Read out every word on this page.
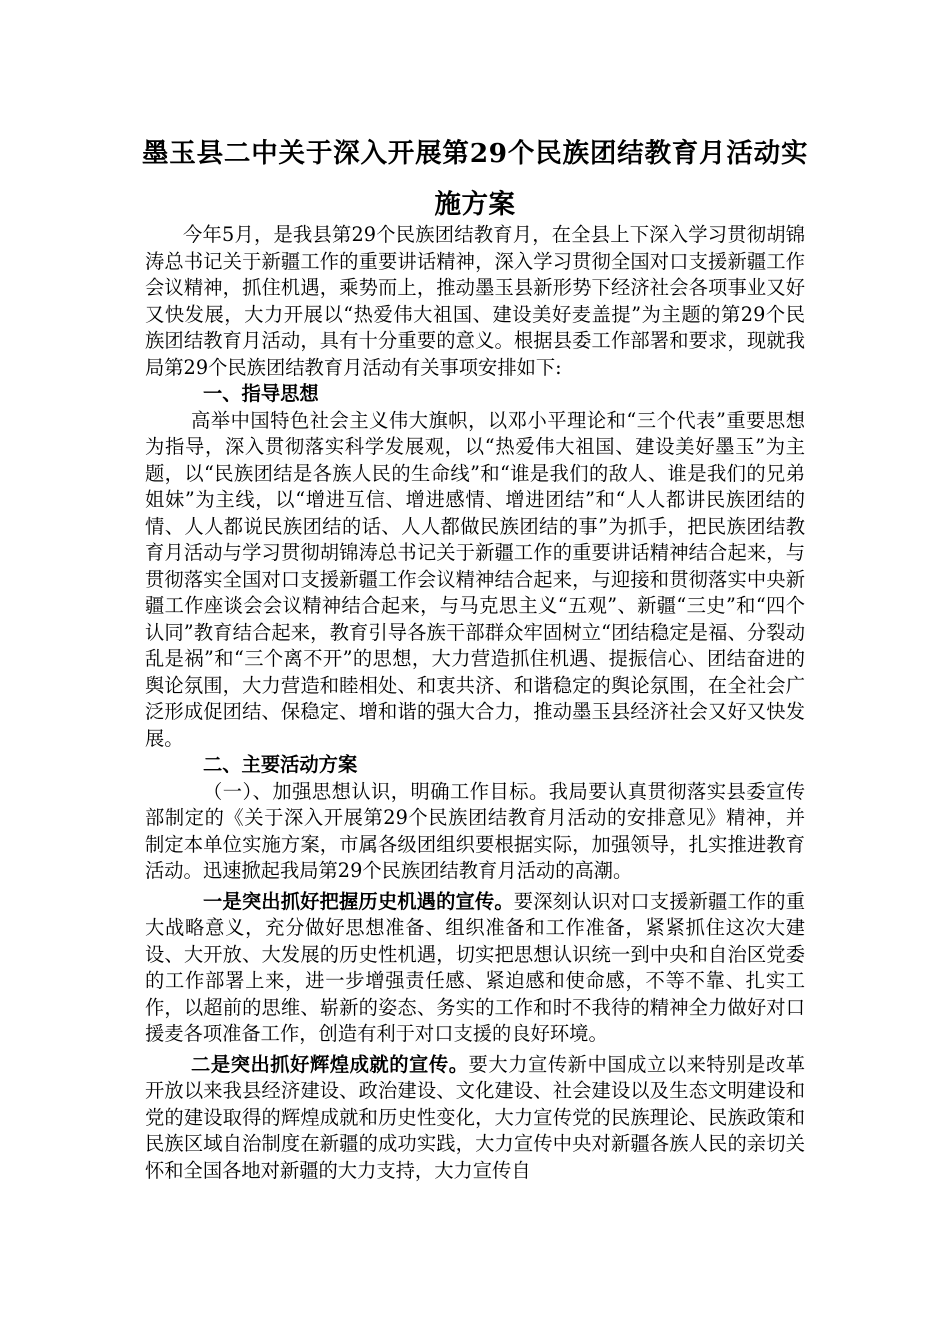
墨玉县二中关于深入开展第29个民族团结教育月活动实施方案

今年5月，是我县第29个民族团结教育月，在全县上下深入学习贯彻胡锦涛总书记关于新疆工作的重要讲话精神，深入学习贯彻全国对口支援新疆工作会议精神，抓住机遇，乘势而上，推动墨玉县新形势下经济社会各项事业又好又快发展，大力开展以“热爱伟大祖国、建设美好麦盖提”为主题的第29个民族团结教育月活动，具有十分重要的意义。根据县委工作部署和要求，现就我局第29个民族团结教育月活动有关事项安排如下:

一、指导思想

高举中国特色社会主义伟大旗帜，以邓小平理论和“三个代表”重要思想为指导，深入贯彻落实科学发展观，以“热爱伟大祖国、建设美好墨玉”为主题，以“民族团结是各族人民的生命线”和“谁是我们的敌人、谁是我们的兄弟姐妹”为主线，以“增进互信、增进感情、增进团结”和“人人都讲民族团结的情、人人都说民族团结的话、人人都做民族团结的事”为抓手，把民族团结教育月活动与学习贯彻胡锦涛总书记关于新疆工作的重要讲话精神结合起来，与贯彻落实全国对口支援新疆工作会议精神结合起来，与迎接和贯彻落实中央新疆工作座谈会会议精神结合起来，与马克思主义“五观”、新疆“三史”和“四个认同”教育结合起来，教育引导各族干部群众牢固树立“团结稳定是福、分裂动乱是祸”和“三个离不开”的思想，大力营造抓住机遇、提振信心、团结奋进的舆论氛围，大力营造和睦相处、和衷共济、和谐稳定的舆论氛围，在全社会广泛形成促团结、保稳定、增和谐的强大合力，推动墨玉县经济社会又好又快发展。

二、主要活动方案

（一）、加强思想认识，明确工作目标。我局要认真贯彻落实县委宣传部制定的《关于深入开展第29个民族团结教育月活动的安排意见》精神，并制定本单位实施方案，市属各级团组织要根据实际，加强领导，扎实推进教育活动。迅速掀起我局第29个民族团结教育月活动的高潮。

一是突出抓好把握历史机遇的宣传。要深刻认识对口支援新疆工作的重大战略意义，充分做好思想准备、组织准备和工作准备，紧紧抓住这次大建设、大开放、大发展的历史性机遇，切实把思想认识统一到中央和自治区党委的工作部署上来，进一步增强责任感、紧迫感和使命感，不等不靠、扎实工作，以超前的思维、崭新的姿态、务实的工作和时不我待的精神全力做好对口援麦各项准备工作，创造有利于对口支援的良好环境。

二是突出抓好辉煌成就的宣传。要大力宣传新中国成立以来特别是改革开放以来我县经济建设、政治建设、文化建设、社会建设以及生态文明建设和党的建设取得的辉煌成就和历史性变化，大力宣传党的民族理论、民族政策和民族区域自治制度在新疆的成功实践，大力宣传中央对新疆各族人民的亲切关怀和全国各地对新疆的大力支持，大力宣传自
